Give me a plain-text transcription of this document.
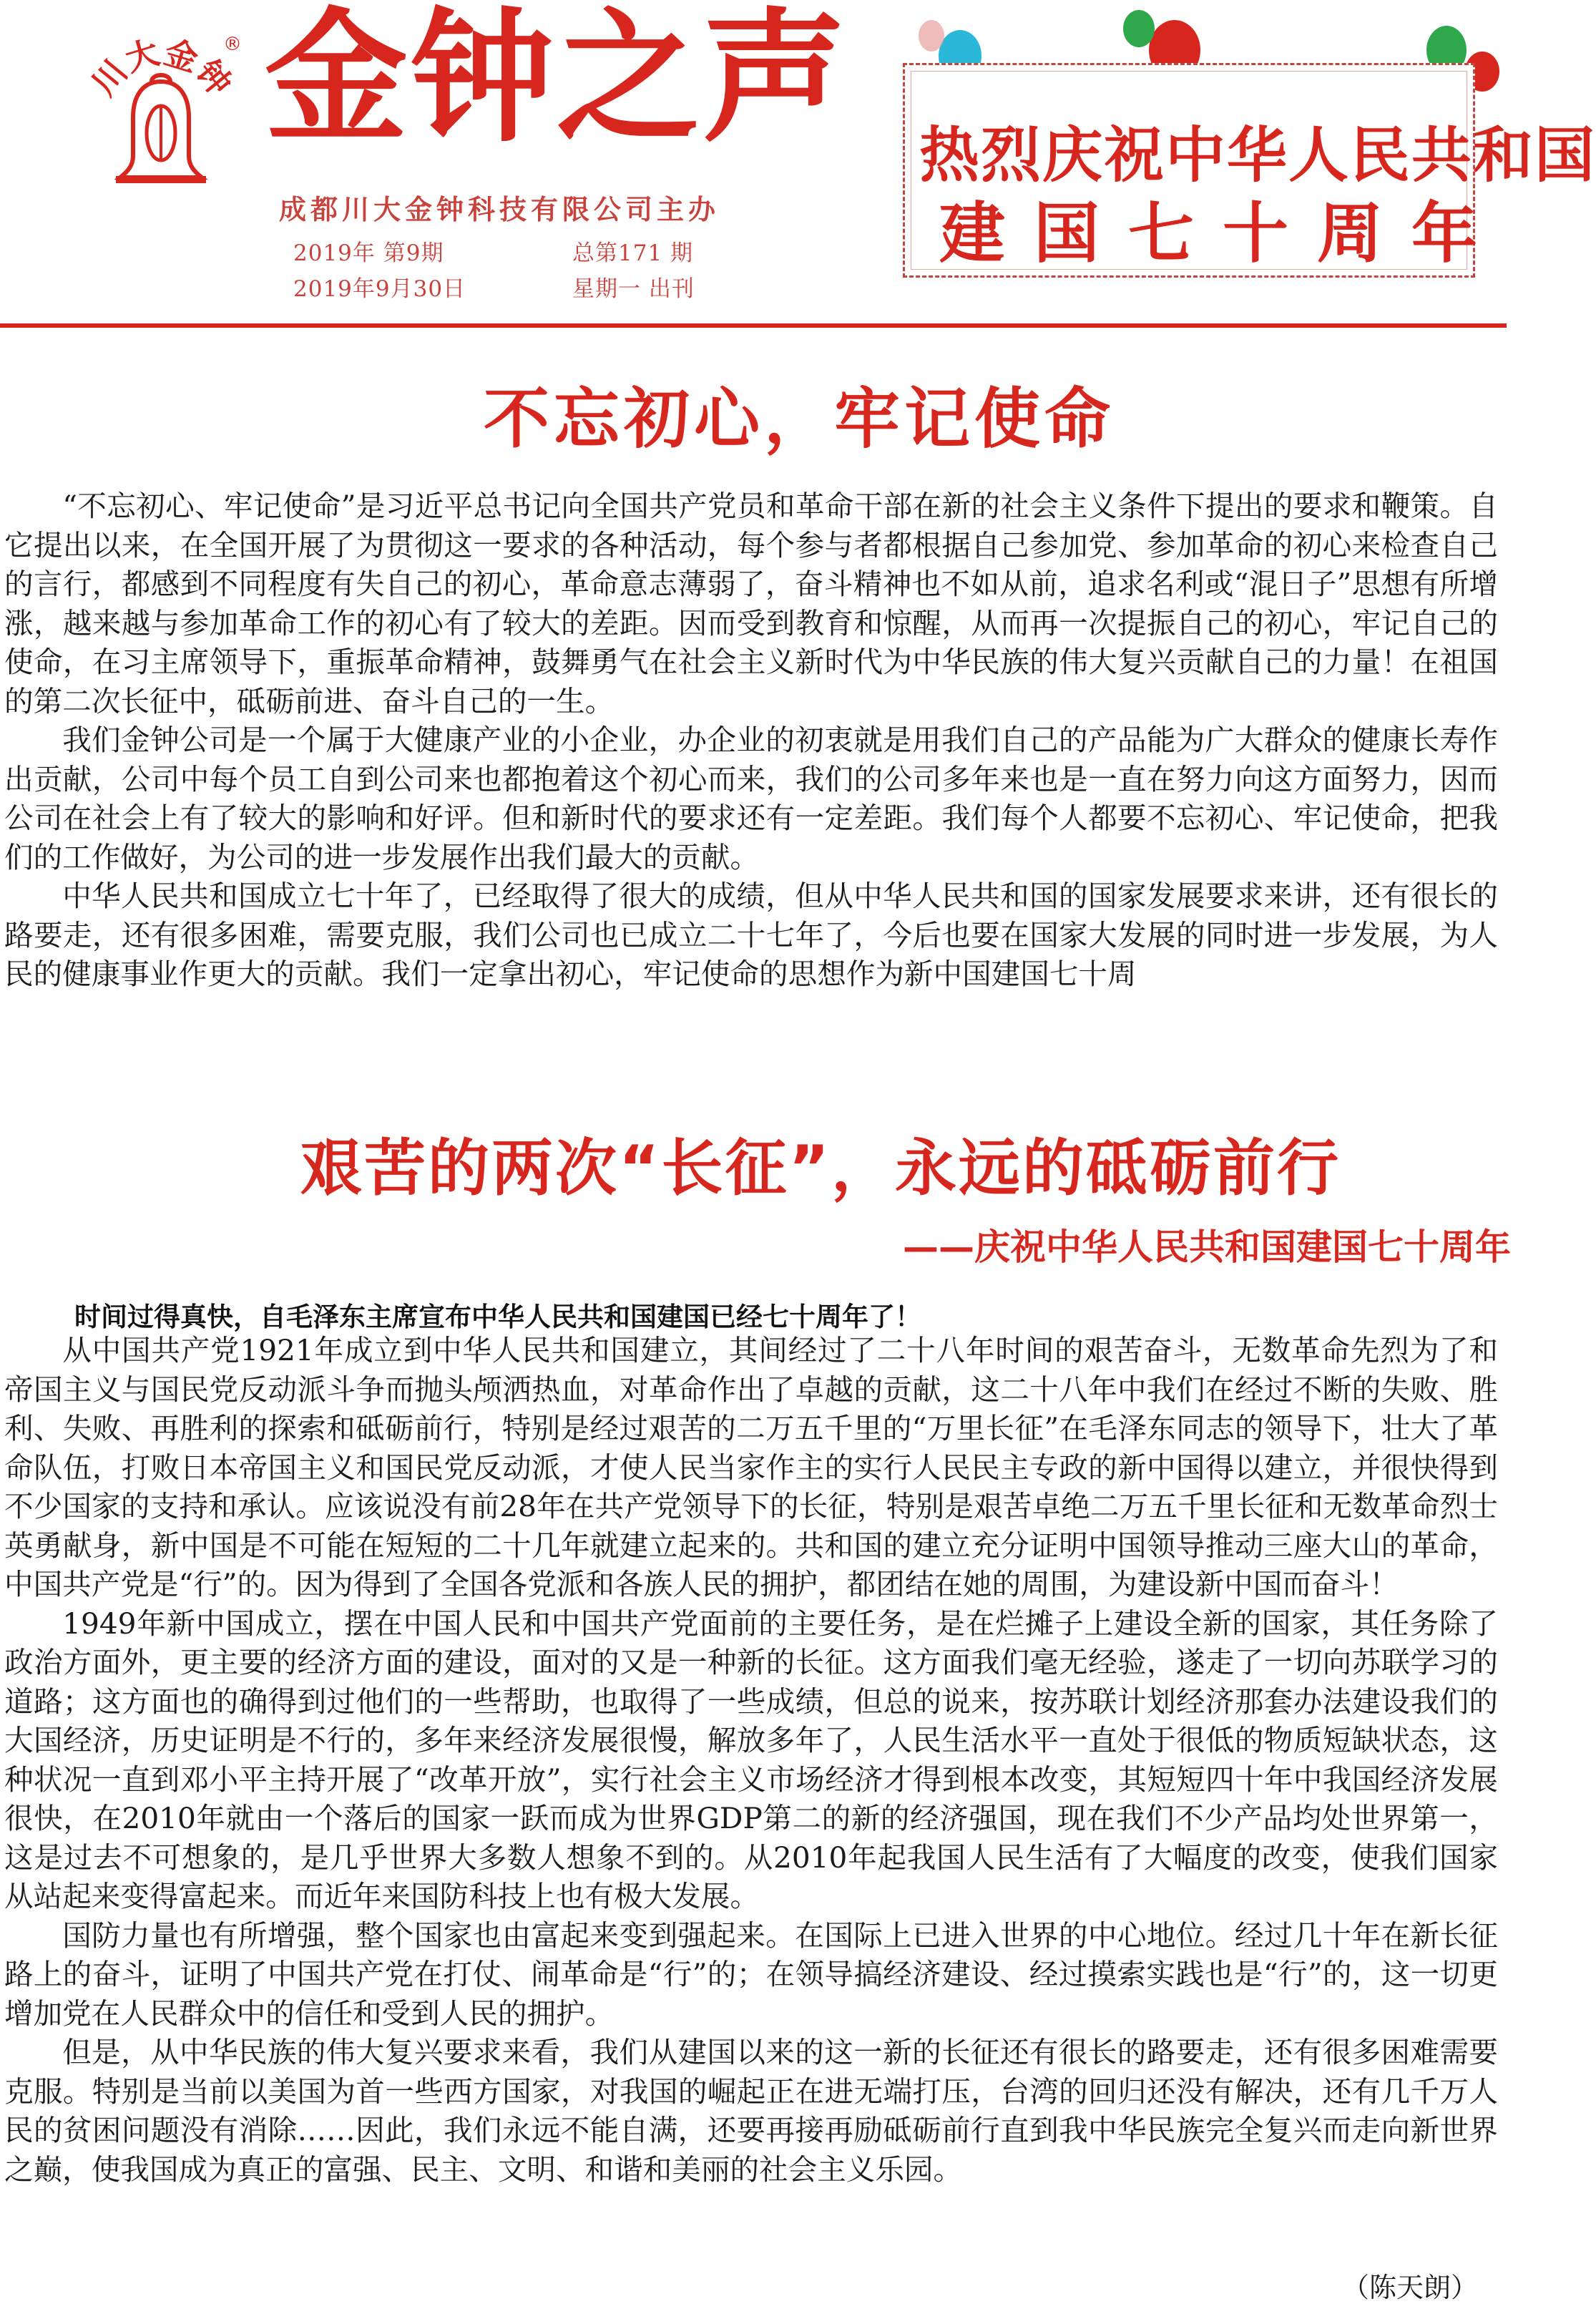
川大金钟
® 金钟之声
成都川大金钟科技有限公司主办
2019年 第9期	总第171 期
2019年9月30日	星期一 出刊
热烈庆祝中华人民共和国
建国七十周年
不忘初心，牢记使命

“不忘初心、牢记使命”是习近平总书记向全国共产党员和革命干部在新的社会主义条件下提出的要求和鞭策。自它提出以来，在全国开展了为贯彻这一要求的各种活动，每个参与者都根据自己参加党、参加革命的初心来检查自己的言行，都感到不同程度有失自己的初心，革命意志薄弱了，奋斗精神也不如从前，追求名利或“混日子”思想有所增涨，越来越与参加革命工作的初心有了较大的差距。因而受到教育和惊醒，从而再一次提振自己的初心，牢记自己的使命，在习主席领导下，重振革命精神，鼓舞勇气在社会主义新时代为中华民族的伟大复兴贡献自己的力量！在祖国的第二次长征中，砥砺前进、奋斗自己的一生。

我们金钟公司是一个属于大健康产业的小企业，办企业的初衷就是用我们自己的产品能为广大群众的健康长寿作出贡献，公司中每个员工自到公司来也都抱着这个初心而来，我们的公司多年来也是一直在努力向这方面努力，因而公司在社会上有了较大的影响和好评。但和新时代的要求还有一定差距。我们每个人都要不忘初心、牢记使命，把我们的工作做好，为公司的进一步发展作出我们最大的贡献。

中华人民共和国成立七十年了，已经取得了很大的成绩，但从中华人民共和国的国家发展要求来讲，还有很长的路要走，还有很多困难，需要克服，我们公司也已成立二十七年了，今后也要在国家大发展的同时进一步发展，为人民的健康事业作更大的贡献。我们一定拿出初心，牢记使命的思想作为新中国建国七十周

艰苦的两次“长征”，永远的砥砺前行
——庆祝中华人民共和国建国七十周年
时间过得真快，自毛泽东主席宣布中华人民共和国建国已经七十周年了！

从中国共产党1921年成立到中华人民共和国建立，其间经过了二十八年时间的艰苦奋斗，无数革命先烈为了和帝国主义与国民党反动派斗争而抛头颅洒热血，对革命作出了卓越的贡献，这二十八年中我们在经过不断的失败、胜利、失败、再胜利的探索和砥砺前行，特别是经过艰苦的二万五千里的“万里长征”在毛泽东同志的领导下，壮大了革命队伍，打败日本帝国主义和国民党反动派，才使人民当家作主的实行人民民主专政的新中国得以建立，并很快得到不少国家的支持和承认。应该说没有前28年在共产党领导下的长征，特别是艰苦卓绝二万五千里长征和无数革命烈士英勇献身，新中国是不可能在短短的二十几年就建立起来的。共和国的建立充分证明中国领导推动三座大山的革命，中国共产党是“行”的。因为得到了全国各党派和各族人民的拥护，都团结在她的周围，为建设新中国而奋斗！

1949年新中国成立，摆在中国人民和中国共产党面前的主要任务，是在烂摊子上建设全新的国家，其任务除了政治方面外，更主要的经济方面的建设，面对的又是一种新的长征。这方面我们毫无经验，遂走了一切向苏联学习的道路；这方面也的确得到过他们的一些帮助，也取得了一些成绩，但总的说来，按苏联计划经济那套办法建设我们的大国经济，历史证明是不行的，多年来经济发展很慢，解放多年了，人民生活水平一直处于很低的物质短缺状态，这种状况一直到邓小平主持开展了“改革开放”，实行社会主义市场经济才得到根本改变，其短短四十年中我国经济发展很快，在2010年就由一个落后的国家一跃而成为世界GDP第二的新的经济强国，现在我们不少产品均处世界第一，这是过去不可想象的，是几乎世界大多数人想象不到的。从2010年起我国人民生活有了大幅度的改变，使我们国家从站起来变得富起来。而近年来国防科技上也有极大发展。

国防力量也有所增强，整个国家也由富起来变到强起来。在国际上已进入世界的中心地位。经过几十年在新长征路上的奋斗，证明了中国共产党在打仗、闹革命是“行”的；在领导搞经济建设、经过摸索实践也是“行”的，这一切更增加党在人民群众中的信任和受到人民的拥护。

但是，从中华民族的伟大复兴要求来看，我们从建国以来的这一新的长征还有很长的路要走，还有很多困难需要克服。特别是当前以美国为首一些西方国家，对我国的崛起正在进无端打压，台湾的回归还没有解决，还有几千万人民的贫困问题没有消除……因此，我们永远不能自满，还要再接再励砥砺前行直到我中华民族完全复兴而走向新世界之巅，使我国成为真正的富强、民主、文明、和谐和美丽的社会主义乐园。

（陈天朗）
